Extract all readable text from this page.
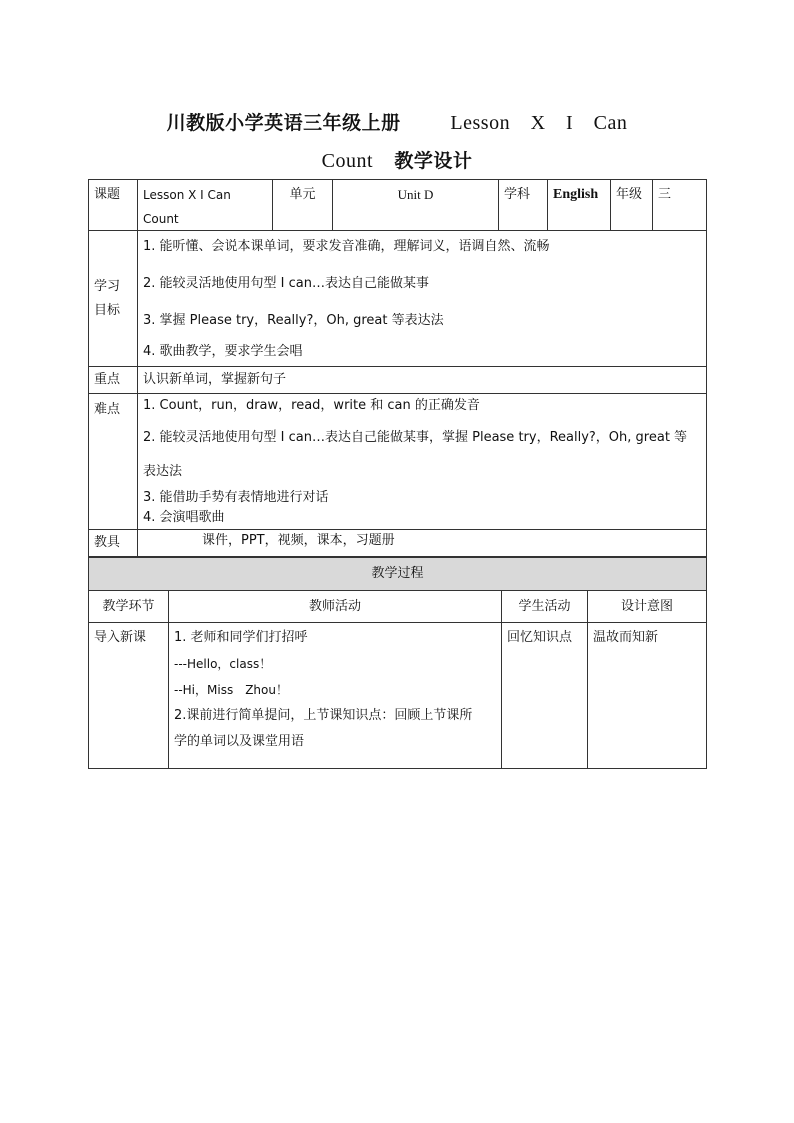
川教版小学英语三年级上册 Lesson　X　I　Can
Count 教学设计
课题	Lesson X I Can
Count	单元	Unit D	学科	English	年级	三

学习
目标	1. 能听懂、会说本课单词，要求发音准确，理解词义，语调自然、流畅
2. 能较灵活地使用句型 I can…表达自己能做某事
3. 掌握 Please try，Really?，Oh, great 等表达法
4. 歌曲教学，要求学生会唱						

重点	认识新单词，掌握新句子						
难点	1. Count，run，draw，read，write 和 can 的正确发音
2. 能较灵活地使用句型 I can…表达自己能做某事，掌握 Please try，Really?，Oh, great 等
表达法
3. 能借助手势有表情地进行对话
4. 会演唱歌曲						

教具	课件，PPT，视频，课本，习题册						
教学过程			
教学环节	教师活动	学生活动	设计意图
导入新课	1. 老师和同学们打招呼
---Hello，class！
--Hi，Miss　Zhou！
2.课前进行简单提问，上节课知识点：回顾上节课所
学的单词以及课堂用语	回忆知识点	温故而知新
